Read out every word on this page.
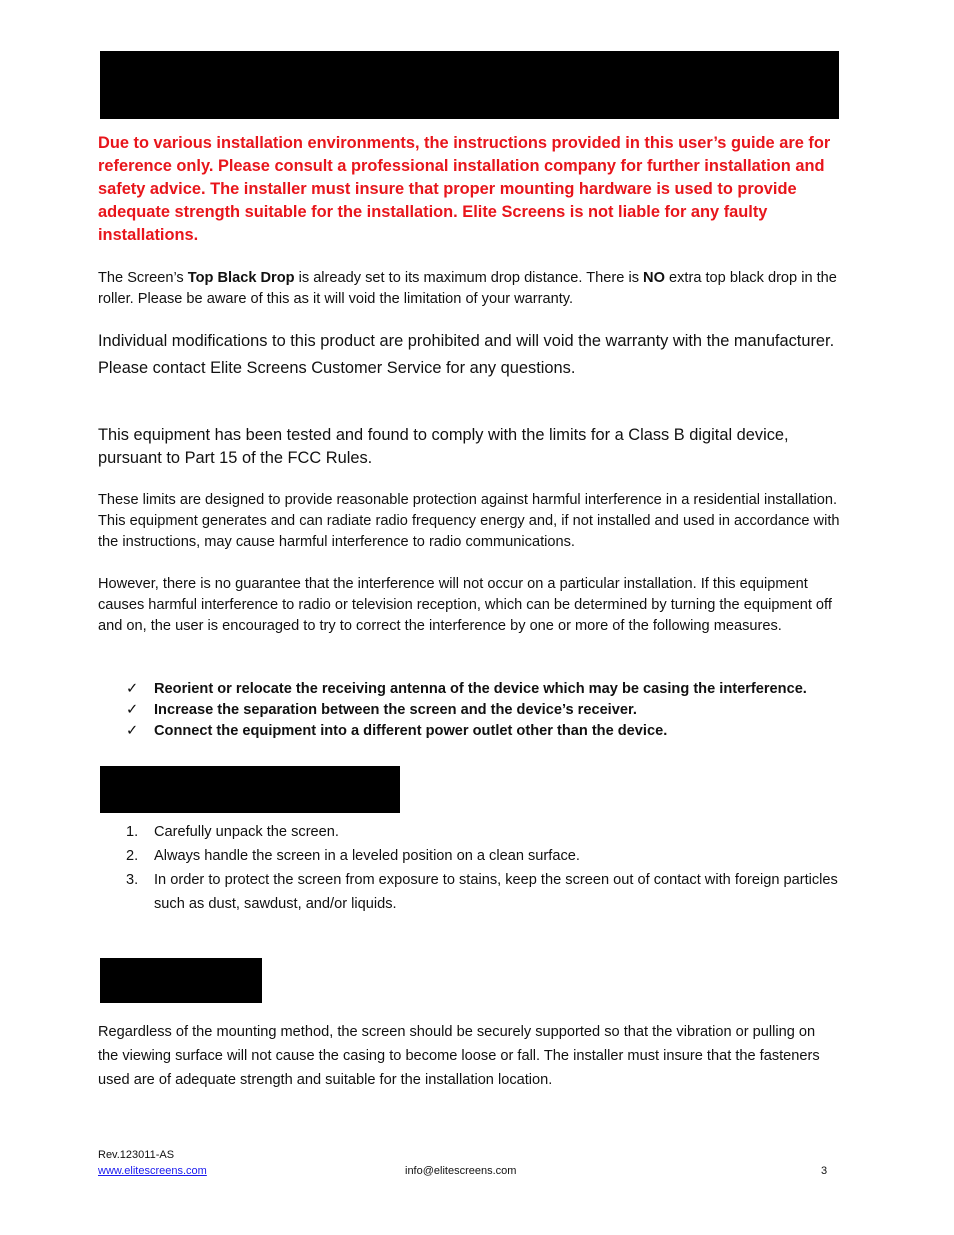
Due to various installation environments, the instructions provided in this user’s guide are for reference only. Please consult a professional installation company for further installation and safety advice. The installer must insure that proper mounting hardware is used to provide adequate strength suitable for the installation. Elite Screens is not liable for any faulty installations.
The Screen’s Top Black Drop is already set to its maximum drop distance. There is NO extra top black drop in the roller. Please be aware of this as it will void the limitation of your warranty.
Individual modifications to this product are prohibited and will void the warranty with the manufacturer. Please contact Elite Screens Customer Service for any questions.
This equipment has been tested and found to comply with the limits for a Class B digital device, pursuant to Part 15 of the FCC Rules.
These limits are designed to provide reasonable protection against harmful interference in a residential installation. This equipment generates and can radiate radio frequency energy and, if not installed and used in accordance with the instructions, may cause harmful interference to radio communications.
However, there is no guarantee that the interference will not occur on a particular installation. If this equipment causes harmful interference to radio or television reception, which can be determined by turning the equipment off and on, the user is encouraged to try to correct the interference by one or more of the following measures.
✓	Reorient or relocate the receiving antenna of the device which may be casing the interference.
✓	Increase the separation between the screen and the device’s receiver.
✓	Connect the equipment into a different power outlet other than the device.
1.	Carefully unpack the screen.
2.	Always handle the screen in a leveled position on a clean surface.
3.	In order to protect the screen from exposure to stains, keep the screen out of contact with foreign particles such as dust, sawdust, and/or liquids.
Regardless of the mounting method, the screen should be securely supported so that the vibration or pulling on the viewing surface will not cause the casing to become loose or fall. The installer must insure that the fasteners used are of adequate strength and suitable for the installation location.
Rev.123011-AS
www.elitescreens.com	info@elitescreens.com	3
